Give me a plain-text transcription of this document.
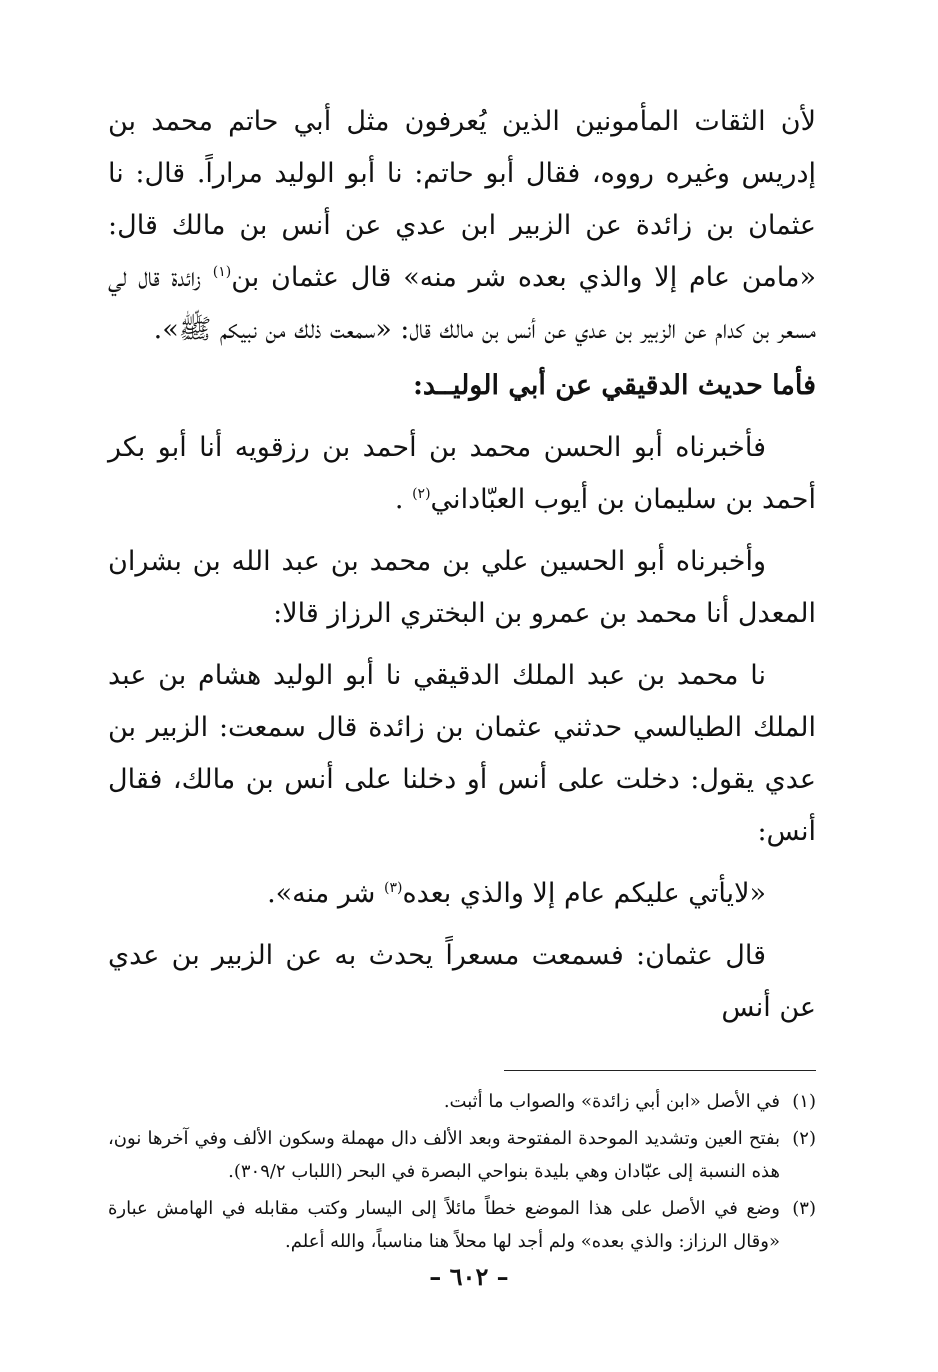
لأن الثقات المأمونين الذين يُعرفون مثل أبي حاتم محمد بن إدريس وغيره رووه، فقال أبو حاتم: نا أبو الوليد مراراً. قال: نا عثمان بن زائدة عن الزبير ابن عدي عن أنس بن مالك قال: «مامن عام إلا والذي بعده شر منه» قال عثمان بن$^{(١)}$ زائدة قال لي مسعر بن كدام عن الزبير بن عدي عن أنس بن مالك قال: «سمعت ذلك من نبيكم ﷺ».

فأما حديث الدقيقي عن أبي الوليــد:

فأخبرناه أبو الحسن محمد بن أحمد بن رزقويه أنا أبو بكر أحمد بن سليمان بن أيوب العبّاداني$^{(٢)}$ .

وأخبرناه أبو الحسين علي بن محمد بن عبد الله بن بشران المعدل أنا محمد بن عمرو بن البختري الرزاز قالا:

نا محمد بن عبد الملك الدقيقي نا أبو الوليد هشام بن عبد الملك الطيالسي حدثني عثمان بن زائدة قال سمعت: الزبير بن عدي يقول: دخلت على أنس أو دخلنا على أنس بن مالك، فقال أنس:

«لايأتي عليكم عام إلا والذي بعده$^{(٣)}$ شر منه».

قال عثمان: فسمعت مسعراً يحدث به عن الزبير بن عدي عن أنس

(١)
في الأصل «ابن أبي زائدة» والصواب ما أثبت.
(٢)
بفتح العين وتشديد الموحدة المفتوحة وبعد الألف دال مهملة وسكون الألف وفي آخرها نون، هذه النسبة إلى عبّادان وهي بليدة بنواحي البصرة في البحر (اللباب ٣٠٩/٢).
(٣)
وضع في الأصل على هذا الموضع خطاً مائلاً إلى اليسار وكتب مقابله في الهامش عبارة «وقال الرزاز: والذي بعده» ولم أجد لها محلاً هنا مناسباً، والله أعلم.
– ٦٠٢ –
